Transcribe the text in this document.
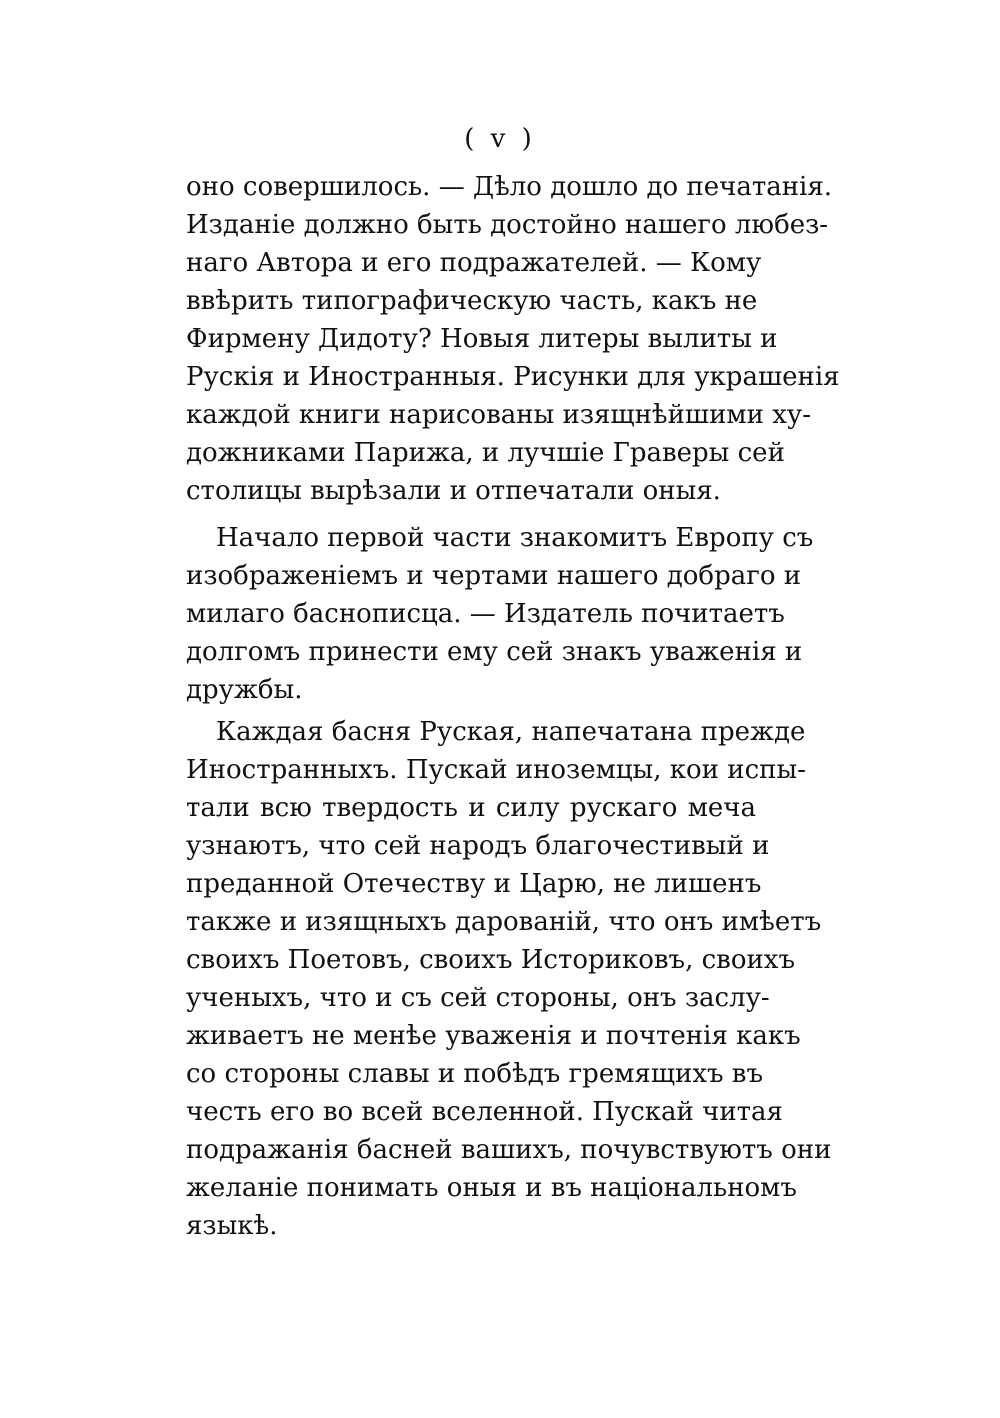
( v )
оно совершилось. — Дѣло дошло до печатанія.
Изданіе должно быть достойно нашего любез-
наго Автора и его подражателей. — Кому
ввѣрить типографическую часть, какъ не
Фирмену Дидоту? Новыя литеры вылиты и
Рускія и Иностранныя. Рисунки для украшенія
каждой книги нарисованы изящнѣйшими ху-
дожниками Парижа, и лучшіе Граверы сей
столицы вырѣзали и отпечатали оныя.
Начало первой части знакомитъ Европу съ
изображеніемъ и чертами нашего добраго и
милаго баснописца. — Издатель почитаетъ
долгомъ принести ему сей знакъ уваженія и
дружбы.
Каждая басня Руская, напечатана прежде
Иностранныхъ. Пускай иноземцы, кои испы-
тали всю твердость и силу рускаго меча
узнаютъ, что сей народъ благочестивый и
преданной Отечеству и Царю, не лишенъ
также и изящныхъ дарованій, что онъ имѣетъ
своихъ Поетовъ, своихъ Историковъ, своихъ
ученыхъ, что и съ сей стороны, онъ заслу-
живаетъ не менѣе уваженія и почтенія какъ
со стороны славы и побѣдъ гремящихъ въ
честь его во всей вселенной. Пускай читая
подражанія басней вашихъ, почувствуютъ они
желаніе понимать оныя и въ національномъ
языкѣ.
